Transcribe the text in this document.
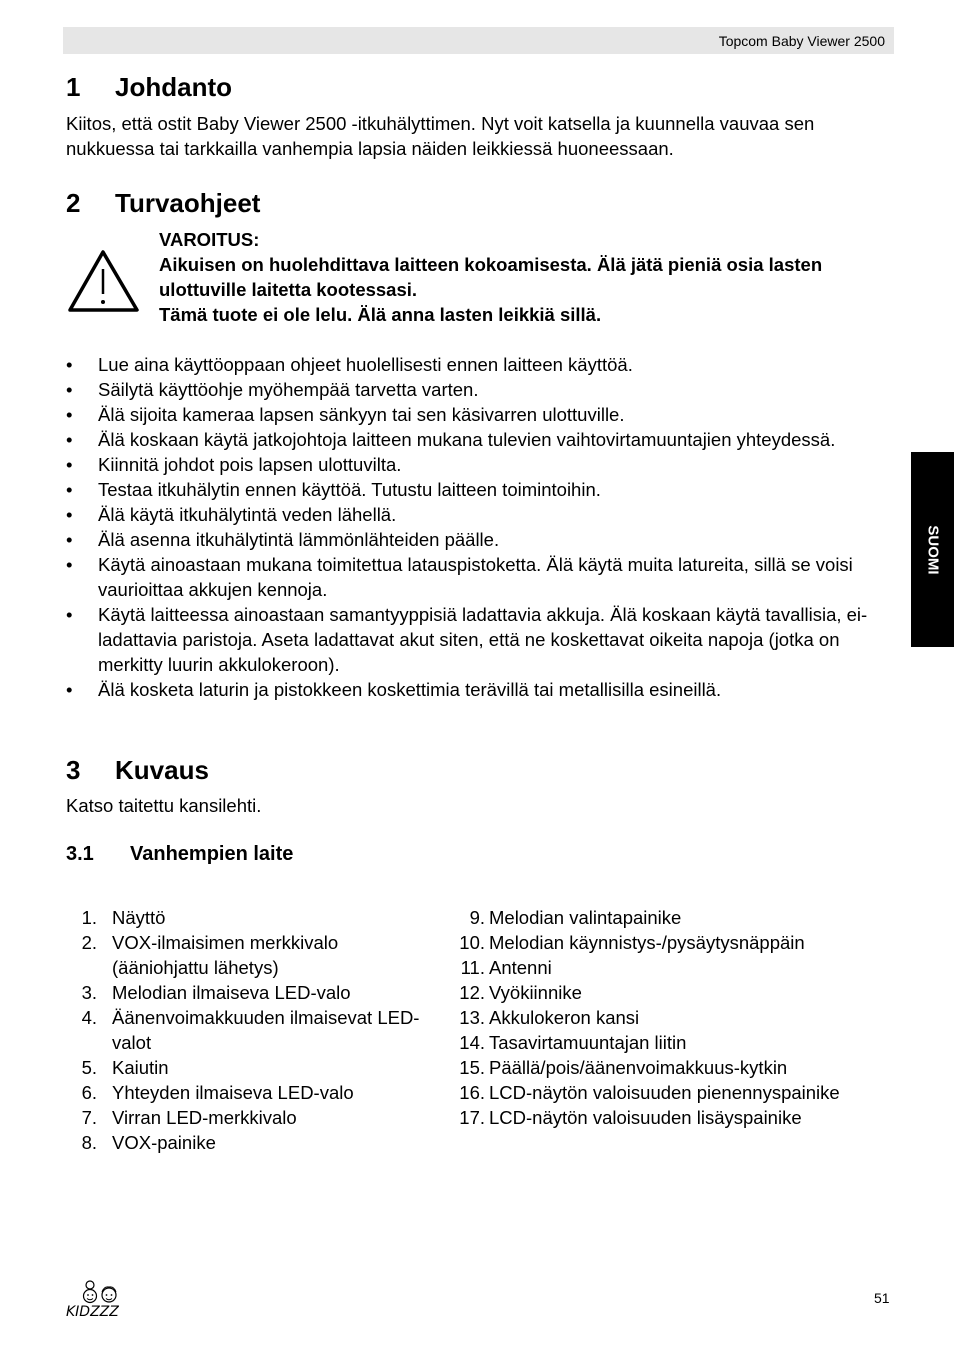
Topcom Baby Viewer 2500
SUOMI
1 Johdanto

Kiitos, että ostit Baby Viewer 2500 -itkuhälyttimen. Nyt voit katsella ja kuunnella vauvaa sen nukkuessa tai tarkkailla vanhempia lapsia näiden leikkiessä huoneessaan.

2 Turvaohjeet
VAROITUS:
Aikuisen on huolehdittava laitteen kokoamisesta. Älä jätä pieniä osia lasten ulottuville laitetta kootessasi.
Tämä tuote ei ole lelu. Älä anna lasten leikkiä sillä.
• Lue aina käyttöoppaan ohjeet huolellisesti ennen laitteen käyttöä.
• Säilytä käyttöohje myöhempää tarvetta varten.
• Älä sijoita kameraa lapsen sänkyyn tai sen käsivarren ulottuville.
• Älä koskaan käytä jatkojohtoja laitteen mukana tulevien vaihtovirtamuuntajien yhteydessä.
• Kiinnitä johdot pois lapsen ulottuvilta.
• Testaa itkuhälytin ennen käyttöä. Tutustu laitteen toimintoihin.
• Älä käytä itkuhälytintä veden lähellä.
• Älä asenna itkuhälytintä lämmönlähteiden päälle.
• Käytä ainoastaan mukana toimitettua latauspistoketta. Älä käytä muita latureita, sillä se voisi vaurioittaa akkujen kennoja.
• Käytä laitteessa ainoastaan samantyyppisiä ladattavia akkuja. Älä koskaan käytä tavallisia, ei-ladattavia paristoja. Aseta ladattavat akut siten, että ne koskettavat oikeita napoja (jotka on merkitty luurin akkulokeroon).
• Älä kosketa laturin ja pistokkeen koskettimia terävillä tai metallisilla esineillä.
3 Kuvaus

Katso taitettu kansilehti.

3.1 Vanhempien laite
1. Näyttö
2. VOX-ilmaisimen merkkivalo (ääniohjattu lähetys)
3. Melodian ilmaiseva LED-valo
4. Äänenvoimakkuuden ilmaisevat LED-valot
5. Kaiutin
6. Yhteyden ilmaiseva LED-valo
7. Virran LED-merkkivalo
8. VOX-painike
9. Melodian valintapainike
10. Melodian käynnistys-/pysäytysnäppäin
11. Antenni
12. Vyökiinnike
13. Akkulokeron kansi
14. Tasavirtamuuntajan liitin
15. Päällä/pois/äänenvoimakkuus-kytkin
16. LCD-näytön valoisuuden pienennyspainike
17. LCD-näytön valoisuuden lisäyspainike
KIDZZZ
51
